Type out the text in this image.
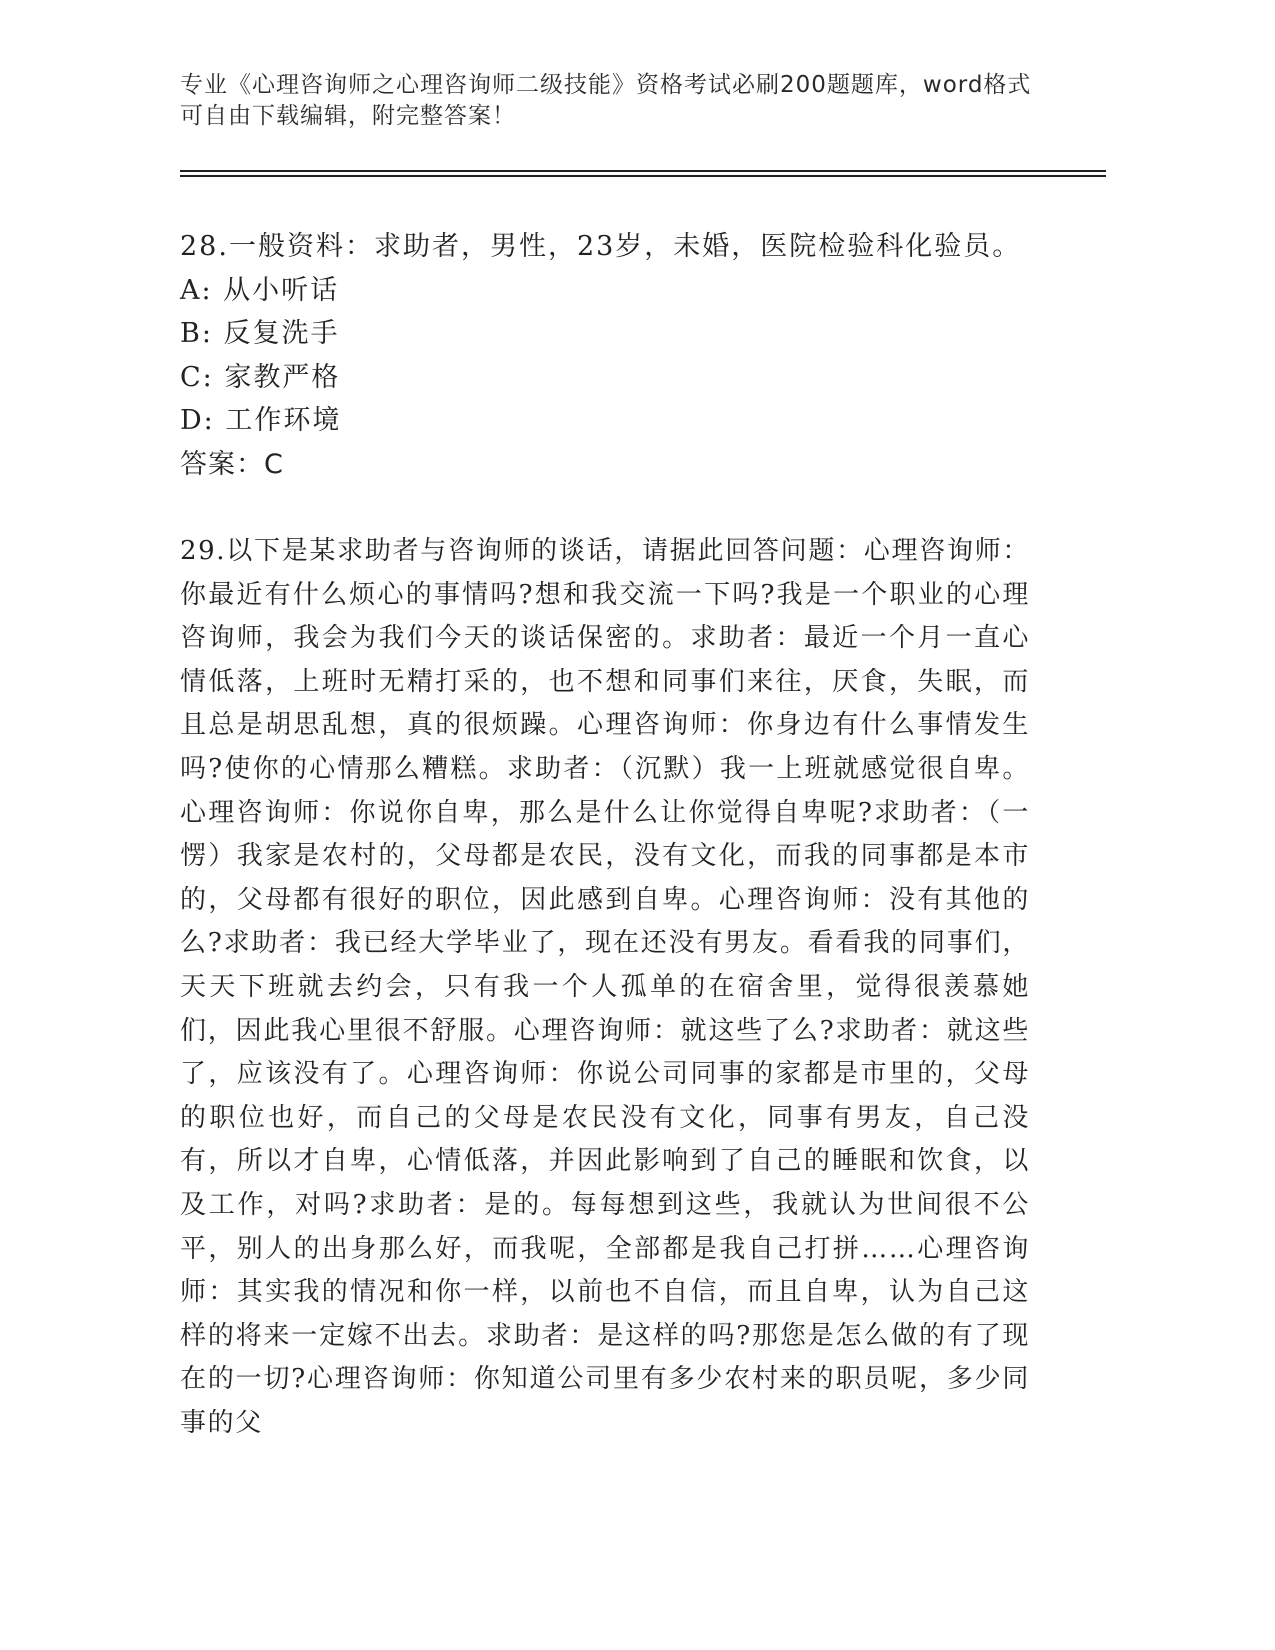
专业《心理咨询师之心理咨询师二级技能》资格考试必刷200题题库，word格式可自由下载编辑，附完整答案！

28.一般资料：求助者，男性，23岁，未婚，医院检验科化验员。

A: 从小听话

B: 反复洗手

C: 家教严格

D: 工作环境

答案：C

29.以下是某求助者与咨询师的谈话，请据此回答问题：心理咨询师：你最近有什么烦心的事情吗?想和我交流一下吗?我是一个职业的心理咨询师，我会为我们今天的谈话保密的。求助者：最近一个月一直心情低落，上班时无精打采的，也不想和同事们来往，厌食，失眠，而且总是胡思乱想，真的很烦躁。心理咨询师：你身边有什么事情发生吗?使你的心情那么糟糕。求助者：（沉默）我一上班就感觉很自卑。心理咨询师：你说你自卑，那么是什么让你觉得自卑呢?求助者：（一愣）我家是农村的，父母都是农民，没有文化，而我的同事都是本市的，父母都有很好的职位，因此感到自卑。心理咨询师：没有其他的么?求助者：我已经大学毕业了，现在还没有男友。看看我的同事们，天天下班就去约会，只有我一个人孤单的在宿舍里，觉得很羡慕她们，因此我心里很不舒服。心理咨询师：就这些了么?求助者：就这些了，应该没有了。心理咨询师：你说公司同事的家都是市里的，父母的职位也好，而自己的父母是农民没有文化，同事有男友，自己没有，所以才自卑，心情低落，并因此影响到了自己的睡眠和饮食，以及工作，对吗?求助者：是的。每每想到这些，我就认为世间很不公平，别人的出身那么好，而我呢，全部都是我自己打拼……心理咨询师：其实我的情况和你一样，以前也不自信，而且自卑，认为自己这样的将来一定嫁不出去。求助者：是这样的吗?那您是怎么做的有了现在的一切?心理咨询师：你知道公司里有多少农村来的职员呢，多少同事的父
